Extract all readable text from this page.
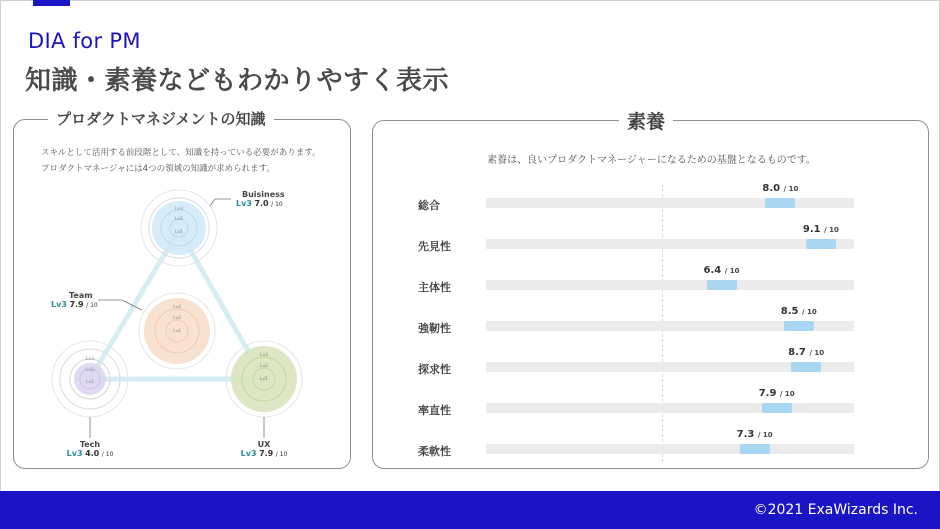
DIA for PM
知識・素養などもわかりやすく表示
プロダクトマネジメントの知識
スキルとして活用する前段階として、知識を持っている必要があります。
プロダクトマネージャには4つの領域の知識が求められます。
Lv3
Lv2
Lv1
Lv3
Lv2
Lv1
Lv3
Lv2
Lv1
Lv3
Lv2
Lv1
Buisiness
Lv3 7.0 / 10
Team
Lv3 7.9 / 10
Tech
Lv3 4.0 / 10
UX
Lv3 7.9 / 10
素養
素養は、良いプロダクトマネージャーになるための基盤となるものです。
総合
8.0 / 10
先見性
9.1 / 10
主体性
6.4 / 10
強靭性
8.5 / 10
探求性
8.7 / 10
率直性
7.9 / 10
柔軟性
7.3 / 10
©2021 ExaWizards Inc.
